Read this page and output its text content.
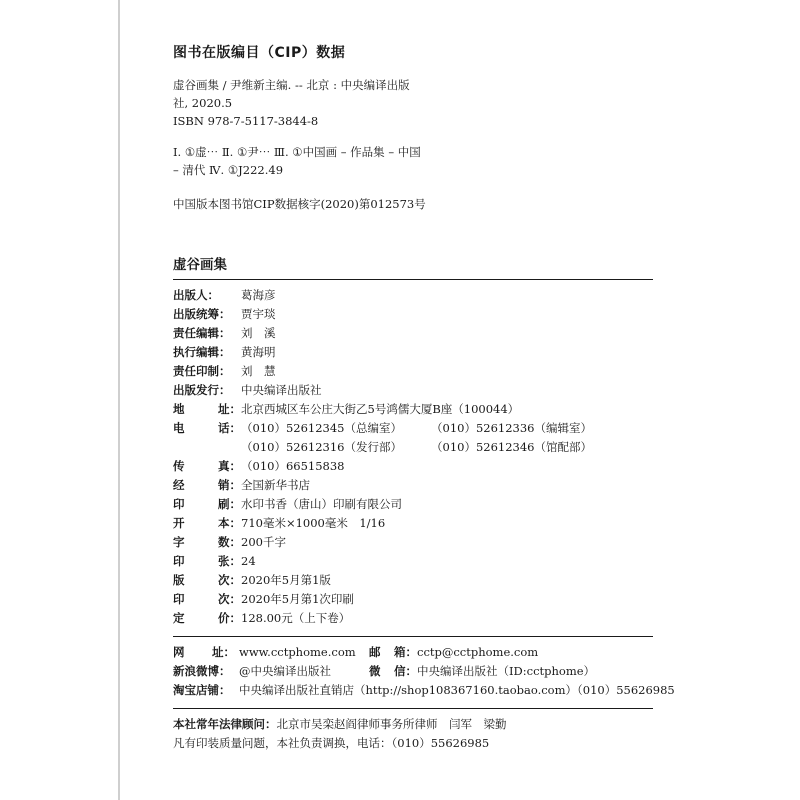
图书在版编目（CIP）数据
虚谷画集 / 尹维新主编. -- 北京 : 中央编译出版
社, 2020.5
ISBN 978-7-5117-3844-8
Ⅰ. ①虚⋯ Ⅱ. ①尹⋯ Ⅲ. ①中国画 – 作品集 – 中国
– 清代 Ⅳ. ①J222.49
中国版本图书馆CIP数据核字(2020)第012573号
虚谷画集
出版人： 葛海彦
出版统筹： 贾宇琰
责任编辑： 刘　溪
执行编辑： 黄海明
责任印制： 刘　慧
出版发行： 中央编译出版社
地	址： 北京西城区车公庄大街乙5号鸿儒大厦B座（100044）
电	话： （010）52612345（总编室）	（010）52612336（编辑室）
（010）52612316（发行部）	（010）52612346（馆配部）
传	真： （010）66515838
经	销： 全国新华书店
印	刷： 水印书香（唐山）印刷有限公司
开	本： 710毫米×1000毫米　1/16
字	数： 200千字
印	张： 24
版	次： 2020年5月第1版
印	次： 2020年5月第1次印刷
定	价： 128.00元（上下卷）
网 址： www.cctphome.com	邮 箱： cctp@cctphome.com
新浪微博： @中央编译出版社	微 信： 中央编译出版社（ID:cctphome）
淘宝店铺： 中央编译出版社直销店（http://shop108367160.taobao.com）（010）55626985
本社常年法律顾问：北京市吴栾赵阎律师事务所律师　闫军　梁勤
凡有印装质量问题，本社负责调换，电话：（010）55626985
